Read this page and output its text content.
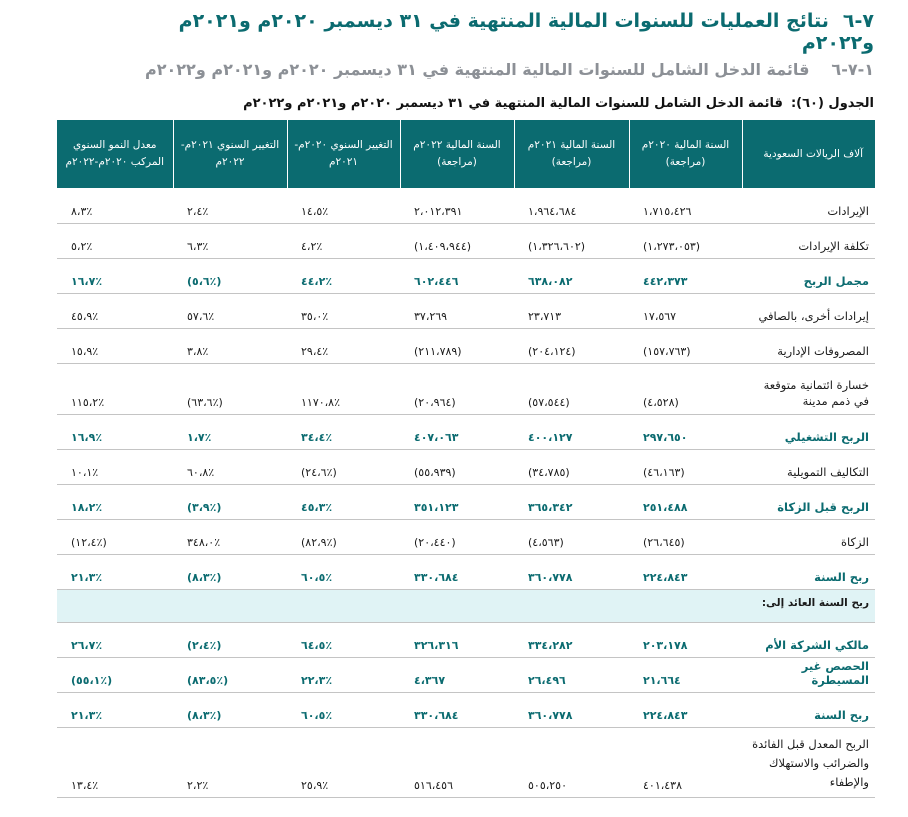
٧-٦نتائج العمليات للسنوات المالية المنتهية في ٣١ ديسمبر ٢٠٢٠م و٢٠٢١م و٢٠٢٢م
١-٧-٦قائمة الدخل الشامل للسنوات المالية المنتهية في ٣١ ديسمبر ٢٠٢٠م و٢٠٢١م و٢٠٢٢م
الجدول (٦٠):قائمة الدخل الشامل للسنوات المالية المنتهية في ٣١ ديسمبر ٢٠٢٠م و٢٠٢١م و٢٠٢٢م
آلاف الريالات السعودية	السنة المالية ٢٠٢٠م (مراجعة)	السنة المالية ٢٠٢١م (مراجعة)	السنة المالية ٢٠٢٢م (مراجعة)	التغيير السنوي ٢٠٢٠م- ٢٠٢١م	التغيير السنوي ٢٠٢١م- ٢٠٢٢م	معدل النمو السنوي المركب ٢٠٢٠م-٢٠٢٢م
الإيرادات	١،٧١٥،٤٢٦	١،٩٦٤،٦٨٤	٢،٠١٢،٣٩١	١٤،٥٪	٢،٤٪	٨،٣٪
تكلفة الإيرادات	(١،٢٧٣،٠٥٣)	(١،٣٢٦،٦٠٢)	(١،٤٠٩،٩٤٤)	٤،٢٪	٦،٣٪	٥،٢٪
مجمل الربح	٤٤٢،٣٧٣	٦٣٨،٠٨٢	٦٠٢،٤٤٦	٤٤،٢٪	(٥،٦٪)	١٦،٧٪
إيرادات أخرى، بالصافي	١٧،٥٦٧	٢٣،٧١٣	٣٧،٢٦٩	٣٥،٠٪	٥٧،٦٪	٤٥،٩٪
المصروفات الإدارية	(١٥٧،٧٦٣)	(٢٠٤،١٢٤)	(٢١١،٧٨٩)	٢٩،٤٪	٣،٨٪	١٥،٩٪
خسارة ائتمانية متوقعة في ذمم مدينة	(٤،٥٢٨)	(٥٧،٥٤٤)	(٢٠،٩٦٤)	١١٧٠،٨٪	(٦٣،٦٪)	١١٥،٢٪
الربح التشغيلي	٢٩٧،٦٥٠	٤٠٠،١٢٧	٤٠٧،٠٦٣	٣٤،٤٪	١،٧٪	١٦،٩٪
التكاليف التمويلية	(٤٦،١٦٣)	(٣٤،٧٨٥)	(٥٥،٩٣٩)	(٢٤،٦٪)	٦٠،٨٪	١٠،١٪
الربح قبل الزكاة	٢٥١،٤٨٨	٣٦٥،٣٤٢	٣٥١،١٢٣	٤٥،٣٪	(٣،٩٪)	١٨،٢٪
الزكاة	(٢٦،٦٤٥)	(٤،٥٦٣)	(٢٠،٤٤٠)	(٨٢،٩٪)	٣٤٨،٠٪	(١٢،٤٪)
ربح السنة	٢٢٤،٨٤٣	٣٦٠،٧٧٨	٣٣٠،٦٨٤	٦٠،٥٪	(٨،٣٪)	٢١،٣٪
ربح السنة العائد إلى:						
مالكي الشركة الأم	٢٠٣،١٧٨	٣٣٤،٢٨٢	٣٢٦،٣١٦	٦٤،٥٪	(٢،٤٪)	٢٦،٧٪
الحصص غير المسيطرة	٢١،٦٦٤	٢٦،٤٩٦	٤،٣٦٧	٢٢،٣٪	(٨٣،٥٪)	(٥٥،١٪)
ربح السنة	٢٢٤،٨٤٣	٣٦٠،٧٧٨	٣٣٠،٦٨٤	٦٠،٥٪	(٨،٣٪)	٢١،٣٪
الربح المعدل قبل الفائدة والضرائب والاستهلاك والإطفاء	٤٠١،٤٣٨	٥٠٥،٢٥٠	٥١٦،٤٥٦	٢٥،٩٪	٢،٢٪	١٣،٤٪
